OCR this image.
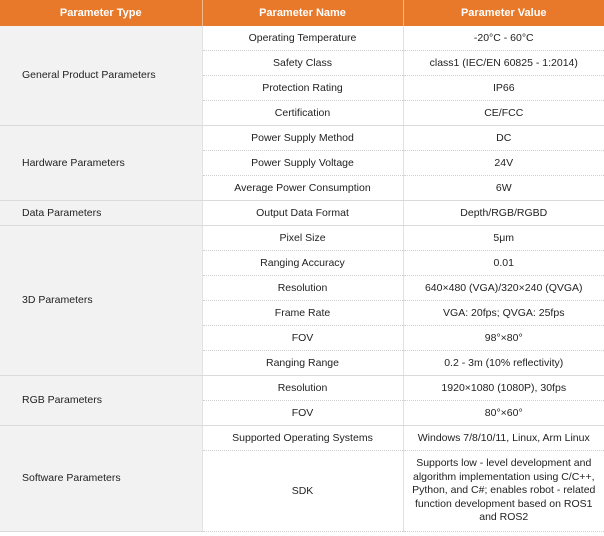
Parameter Type	Parameter Name	Parameter Value
General Product Parameters	Operating Temperature	-20°C - 60°C
	Safety Class	class1 (IEC/EN 60825 - 1:2014)
	Protection Rating	IP66
	Certification	CE/FCC
Hardware Parameters	Power Supply Method	DC
	Power Supply Voltage	24V
	Average Power Consumption	6W
Data Parameters	Output Data Format	Depth/RGB/RGBD
3D Parameters	Pixel Size	5μm
	Ranging Accuracy	0.01
	Resolution	640×480 (VGA)/320×240 (QVGA)
	Frame Rate	VGA: 20fps; QVGA: 25fps
	FOV	98°×80°
	Ranging Range	0.2 - 3m (10% reflectivity)
RGB Parameters	Resolution	1920×1080 (1080P), 30fps
	FOV	80°×60°
Software Parameters	Supported Operating Systems	Windows 7/8/10/11, Linux, Arm Linux
	SDK	Supports low - level development and algorithm implementation using C/C++, Python, and C#; enables robot - related function development based on ROS1 and ROS2
